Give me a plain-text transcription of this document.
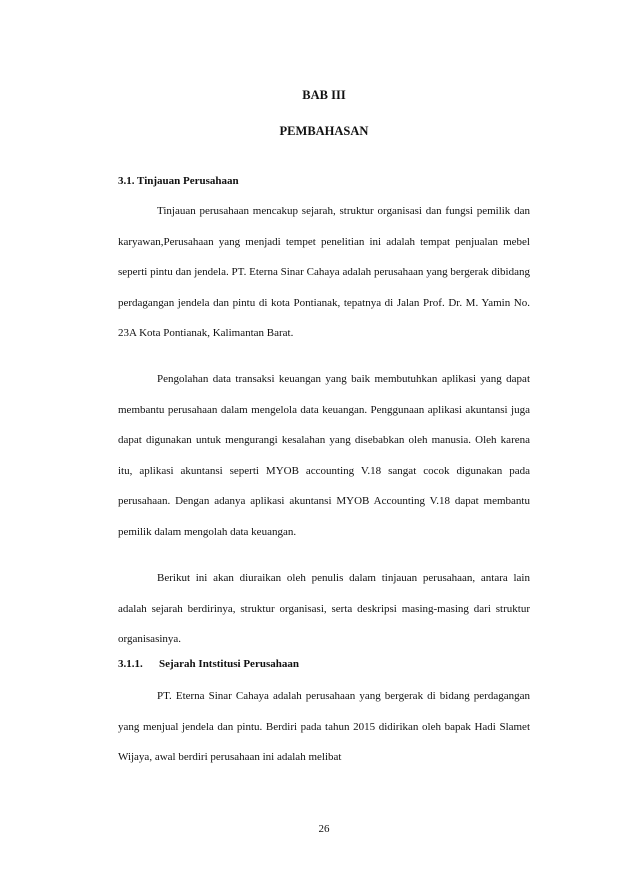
BAB III
PEMBAHASAN
3.1. Tinjauan Perusahaan

Tinjauan perusahaan mencakup sejarah, struktur organisasi dan fungsi pemilik dan karyawan,Perusahaan yang menjadi tempet penelitian ini adalah tempat penjualan mebel seperti pintu dan jendela. PT. Eterna Sinar Cahaya adalah perusahaan yang bergerak dibidang perdagangan jendela dan pintu di kota Pontianak, tepatnya di Jalan Prof. Dr. M. Yamin No. 23A Kota Pontianak, Kalimantan Barat.

Pengolahan data transaksi keuangan yang baik membutuhkan aplikasi yang dapat membantu perusahaan dalam mengelola data keuangan. Penggunaan aplikasi akuntansi juga dapat digunakan untuk mengurangi kesalahan yang disebabkan oleh manusia. Oleh karena itu, aplikasi akuntansi seperti MYOB accounting V.18 sangat cocok digunakan pada perusahaan. Dengan adanya aplikasi akuntansi MYOB Accounting V.18 dapat membantu pemilik dalam mengolah data keuangan.

Berikut ini akan diuraikan oleh penulis dalam tinjauan perusahaan, antara lain adalah sejarah berdirinya, struktur organisasi, serta deskripsi masing-masing dari struktur organisasinya.

3.1.1. Sejarah Intstitusi Perusahaan

PT. Eterna Sinar Cahaya adalah perusahaan yang bergerak di bidang perdagangan yang menjual jendela dan pintu. Berdiri pada tahun 2015 didirikan oleh bapak Hadi Slamet Wijaya, awal berdiri perusahaan ini adalah melibat

26
